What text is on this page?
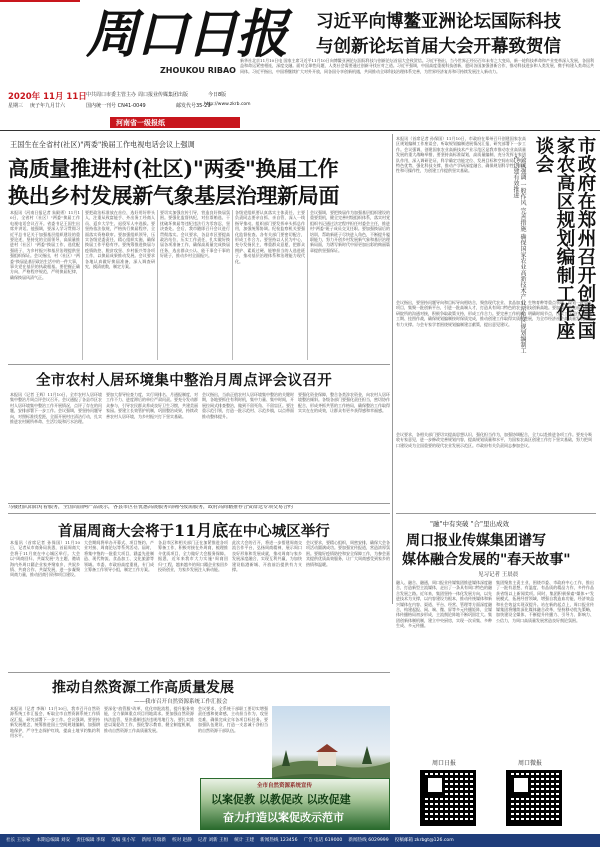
周口日报
ZHOUKOU RIBAO
习近平向博鳌亚洲论坛国际科技
与创新论坛首届大会开幕致贺信
2020年 11月 11日 中共周口市委主管主办 周口报业传媒集团出版	今日8版
星期三 庚子年九月廿六	国内统一刊号 CN41-0049	邮发代号35-29
http://www.zkrb.com
河南省一级报纸
新华社北京11月10日电 国家主席习近平11月10日向博鳌亚洲论坛国际科技与创新论坛首届大会致贺信。习近平指出，当今世界正经历百年未有之大变局，新一轮科技革命和产业变革深入发展，各国利益和命运紧密相连，深度交融。面对全球性问题，人类社会需要通过创新寻找应对之道。习近平强调，中国高度重视科技创新，愿同各国加强创新合作，推动科技进步和人类发展，携手构建人类命运共同体。习近平指出，中国将继续扩大对外开放，同各国分享创新机遇，共同推动全球科技治理体系完善，为世界经济复苏和可持续发展注入新动力。
王国生在全省村(社区)"两委"换届工作电视电话会议上强调
高质量推进村(社区)"两委"换届工作
换出乡村发展新气象基层治理新局面
本报讯（河南日报记者 朱殿勇）11月10日，全省村（社区）"两委"换届工作电视电话会议召开。省委书记王国生出席并讲话。他强调，要深入学习贯彻习近平总书记关于加强基层组织建设的重要论述，坚持党的全面领导，高质量推进村（社区）"两委"换届工作，选优配强班子，为乡村振兴和基层治理提供坚强组织保证。会议指出，村（社区）"两委"换届是基层政治生活中的一件大事，事关党在基层的执政根基。要把握正确方向，严格程序规范，严明换届纪律，确保换届风清气正。
要把政治标准放在首位，选好用好带头人，注重从致富能手、外出务工经商人员、返乡大学生、退役军人中选拔。要坚持依法依规，严格执行换届程序，全面落实资格联审。要加强组织领导，压实各级党委责任，精心组织实施，确保换届工作平稳有序。要统筹推进换届与疫情防控、脱贫攻坚、乡村振兴等各项工作，以换届成果推动发展。会议要求各地认真做好换届准备，深入调查研究，摸清底数，制定方案。
要切实加强宣传引导，营造良好换届氛围。要强化监督执纪，对拉票贿选、干扰破坏换届等违纪违法行为零容忍，坚决查处。会后，我市随即召开会议进行贯彻落实。会议要求，各县市区要提高政治站位，压实工作责任，扎实做好换届各项准备工作，确保高质量完成换届任务，选出群众公认、能干事会干事的好班子，推动乡村全面振兴。
各级党组织要认真落实主体责任，主要负责同志要亲自抓、亲自管，深入一线指导推动。组织部门要发挥牵头抓总作用，加强统筹协调。纪检监察机关要强化监督检查。各有关部门要密切配合，形成工作合力。要坚持以人民为中心，充分发扬民主，尊重群众意愿，把群众拥护、素质过硬、能够担当的人选进班子，推动基层治理体系和治理能力现代化。
会议强调，要把换届作为加强基层组织建设的重要契机，健全完善村级组织体系，落实村党组织书记通过法定程序担任村委会主任，推进村"两委"班子成员交叉任职。要加强换届后的培训，帮助新班子尽快进入角色，不断提升履职能力，努力开创乡村发展新气象和基层治理新局面，为谱写新时代中原更加出彩的绚丽篇章提供坚强保证。
本报讯（首席记者 孙保国）11月10日，市政府在郑州召开创建国家农高区规划编制工作座谈会，听取规划编制进展情况汇报，研究部署下一步工作。会议强调，创建国家农业高新技术产业示范区是我市推动农业高质量发展的重大战略举措，要坚持高标准谋划，高质量编制，充分发挥专家团队作用，深入调研论证，科学确定功能定位、发展目标和空间布局，突出特色优势，强化科技支撑，推动产学研深度融合，确保规划科学性、前瞻性和可操作性，为创建工作提供坚实基础。	市政府在郑州召开创建国家农高区规划编制工作座谈会
会议强调 一般作风 完善措施 确保国家农业高新技术产业示范区规划编制工作创建有效推进
会议指出，要坚持问题导向和目标导向相结合，聚焦现代农业、食品加工、生物育种等重点领域，谋划一批重大项目，集聚一批创新平台，引进一批高端人才，打造具有周口特色的农业科技创新高地。要加强与省直部门和科研院所的沟通对接，积极争取政策支持，形成工作合力。要完善工作机制，明确时间节点，压实工作责任，倒排工期、挂图作战，确保规划编制按时保质完成，推动创建工作取得实质性进展，为全市经济社会高质量发展提供有力支撑。与会专家学者围绕规划编制建言献策，提出意见建议。
会议要求，各相关部门要切实提高思想认识，强化担当作为，加强协调配合，全力以赴推进各项工作。要充分吸收专家意见，进一步修改完善规划内容，提高规划质量和水平，为国家农高区创建工作打下坚实基础，努力把周口建设成为全国重要的现代农业发展示范区。市政府有关负责同志参加会议。
全市农村人居环境集中整治月周点评会议召开
本报讯（记者 王辉）11月10日，全市农村人居环境集中整治月周点评会议召开。会议通报了各县市区农村人居环境集中整治工作开展情况，点评了存在的问题，安排部署下一步工作。会议强调，要坚持问题导向，对照标准找差距，全面开展村庄清洁行动，扎实推进农村厕所革命、生活垃圾和污水治理。
要加大督导检查力度，实行周排名、月通报制度，对工作不力、进度滞后的单位严肃问责。要充分发动群众参与，引导农民群众养成良好卫生习惯，共建美丽家园。要建立长效管护机制，巩固整治成果，持续改善农村人居环境，为乡村振兴打下坚实基础。
会议指出，当前正值农村人居环境集中整治的关键时期，各地要抓住有利时机，集中力量、集中时间，开展拉网式排查整治，做到不留死角、不留盲区。要注重示范引领，打造一批示范村、示范乡镇，以点带面推动整体提升。
要强化资金保障，整合各类涉农资金，向农村人居环境整治倾斜。各级各部门要强化责任担当，密切协作配合，形成齐抓共管的工作格局，确保整治工作取得实实在在的成效，让群众有更多获得感和幸福感。
马楼团队阳阳对着服务，全国周前两产品展示，各县市区在优惠高展服务周期内按需服务，政府高商籍推荐合资群送专项交易合约
首届周商大会将于11月底在中心城区举行
本报讯（首席记者 孙保国）11月10日，记者从市商务局获悉，首届周商大会将于11月底在中心城区举行。大会以"周商回归、共谋发展"为主题，邀请海内外周口籍企业家齐聚家乡，共叙乡情、共商合作、共谋发展，进一步凝聚周商力量，推动招商引资和项目建设。
大会期间将举办开幕式、项目签约、产业对接、周商论坛等系列活动。届时，将集中签约一批重大项目，涵盖先进制造、现代物流、食品加工、文化旅游等领域。市委、市政府高度重视，专门成立筹备工作领导小组，制定工作方案。
各县市区和相关部门正在加紧推进各项筹备工作，积极对接在外周商，梳理推介优质项目，全力做好大会服务保障。据悉，近年来我市大力实施"周商回归"工程，越来越多的周口籍企业家回乡投资创业，为家乡发展注入新动能。
此次大会的召开，将进一步搭建周商交流合作平台，弘扬周商精神，展示周口良好形象和发展成就，推动周商与家乡发展深度融合，实现互利共赢，为加快建设临港新城、开放前沿提供有力支撑。
会议要求，要精心组织，周密安排，确保大会各项活动圆满成功。要加强宣传报道，营造浓厚氛围。要做好疫情防控和安全保障工作，为参会嘉宾提供优质高效服务，让广大周商感受到家乡的热情和温暖。
"融"中有突破 "合"里出成效
周口报业传媒集团谱写
媒体融合发展的"春天故事"
见习记者 王晨晨
融入、融合、融通，周口报业传媒集团推进媒体深度融合，打造新型主流媒体，走出了一条具有周口特色的融合发展之路。近年来，集团坚持一体化发展方向，以先进技术为支撑，以内容建设为根本，推动传统媒体和新兴媒体在内容、渠道、平台、经营、管理等方面深度融合，构建起报、网、端、微、屏等多元传播矩阵，全媒体传播格局初步形成，主流舆论阵地不断巩固壮大。集团创新体制机制，建立中央厨房，实现一次采集、多种生成、多元传播。
集团聚焦主责主业，围绕市委、市政府中心工作，推出了一批有思想、有温度、有品质的精品力作，多件作品获省级以上新闻奖项。同时，集团积极探索"媒体+"发展模式，拓展经营领域，增强自我造血功能，经济效益和社会效益实现双提升。站在新的起点上，周口报业传媒集团将继续深化媒体融合改革，坚持移动优先策略，加快建设全媒体，不断提升传播力、引导力、影响力、公信力，为周口高质量发展营造良好舆论氛围。
推动自然资源工作高质量发展
——我市召开自然资源系统工作汇报会
本报讯（记者 李瑞）11月10日，我市召开自然资源系统工作汇报会，听取全市自然资源系统工作情况汇报，研究部署下一步工作。会议强调，要坚持新发展理念，统筹推进国土空间规划编制，加强耕地保护，严守生态保护红线，提高土地节约集约利用水平。
要深化"放管服"改革，优化审批流程，提升服务效能，全力保障重点项目用地需求。要加强自然资源执法监管，坚决遏制违法违规用地行为。要扎实推进以案促改工作，强化警示教育，健全制度机制，推动自然资源工作高质量发展。
会议要求，全系统干部职工要切实增强责任感和使命感，主动担当作为，攻坚克难，确保完成全年各项目标任务。要加强队伍建设，打造一支忠诚干净担当的自然资源干部队伍。
全市自然资源系统宣传
以案促教 以教促改 以改促建
奋力打造以案促改示范市
周口日报	周口微报
社长 王宗家 本期总编辑 刘安 责任编辑 李琛 美编 张小军 新闻 马瑞新 校对 赵静 记者 刘新 王恒 统计 王建 新闻热线 123456 广告 电话 619000 新闻热线 6029999 投稿邮箱 zkrbgt@126.com
